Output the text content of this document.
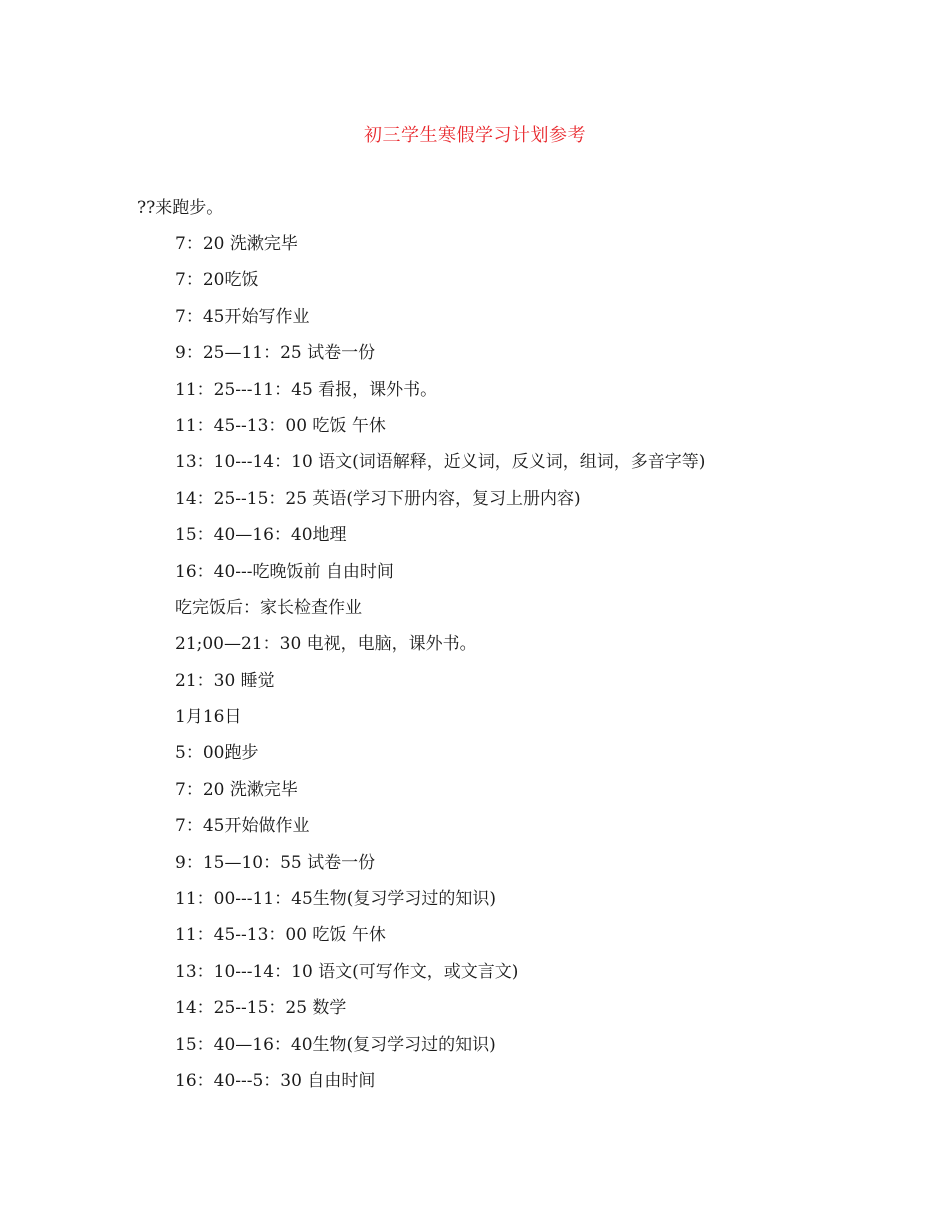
初三学生寒假学习计划参考
??来跑步。
7：20 洗漱完毕
7：20吃饭
7：45开始写作业
9：25—11：25 试卷一份
11：25---11：45 看报，课外书。
11：45--13：00 吃饭 午休
13：10---14：10 语文(词语解释，近义词，反义词，组词，多音字等)
14：25--15：25 英语(学习下册内容，复习上册内容)
15：40—16：40地理
16：40---吃晚饭前 自由时间
吃完饭后：家长检查作业
21;00—21：30 电视，电脑，课外书。
21：30 睡觉
1月16日
5：00跑步
7：20 洗漱完毕
7：45开始做作业
9：15—10：55 试卷一份
11：00---11：45生物(复习学习过的知识)
11：45--13：00 吃饭 午休
13：10---14：10 语文(可写作文，或文言文)
14：25--15：25 数学
15：40—16：40生物(复习学习过的知识)
16：40---5：30 自由时间
